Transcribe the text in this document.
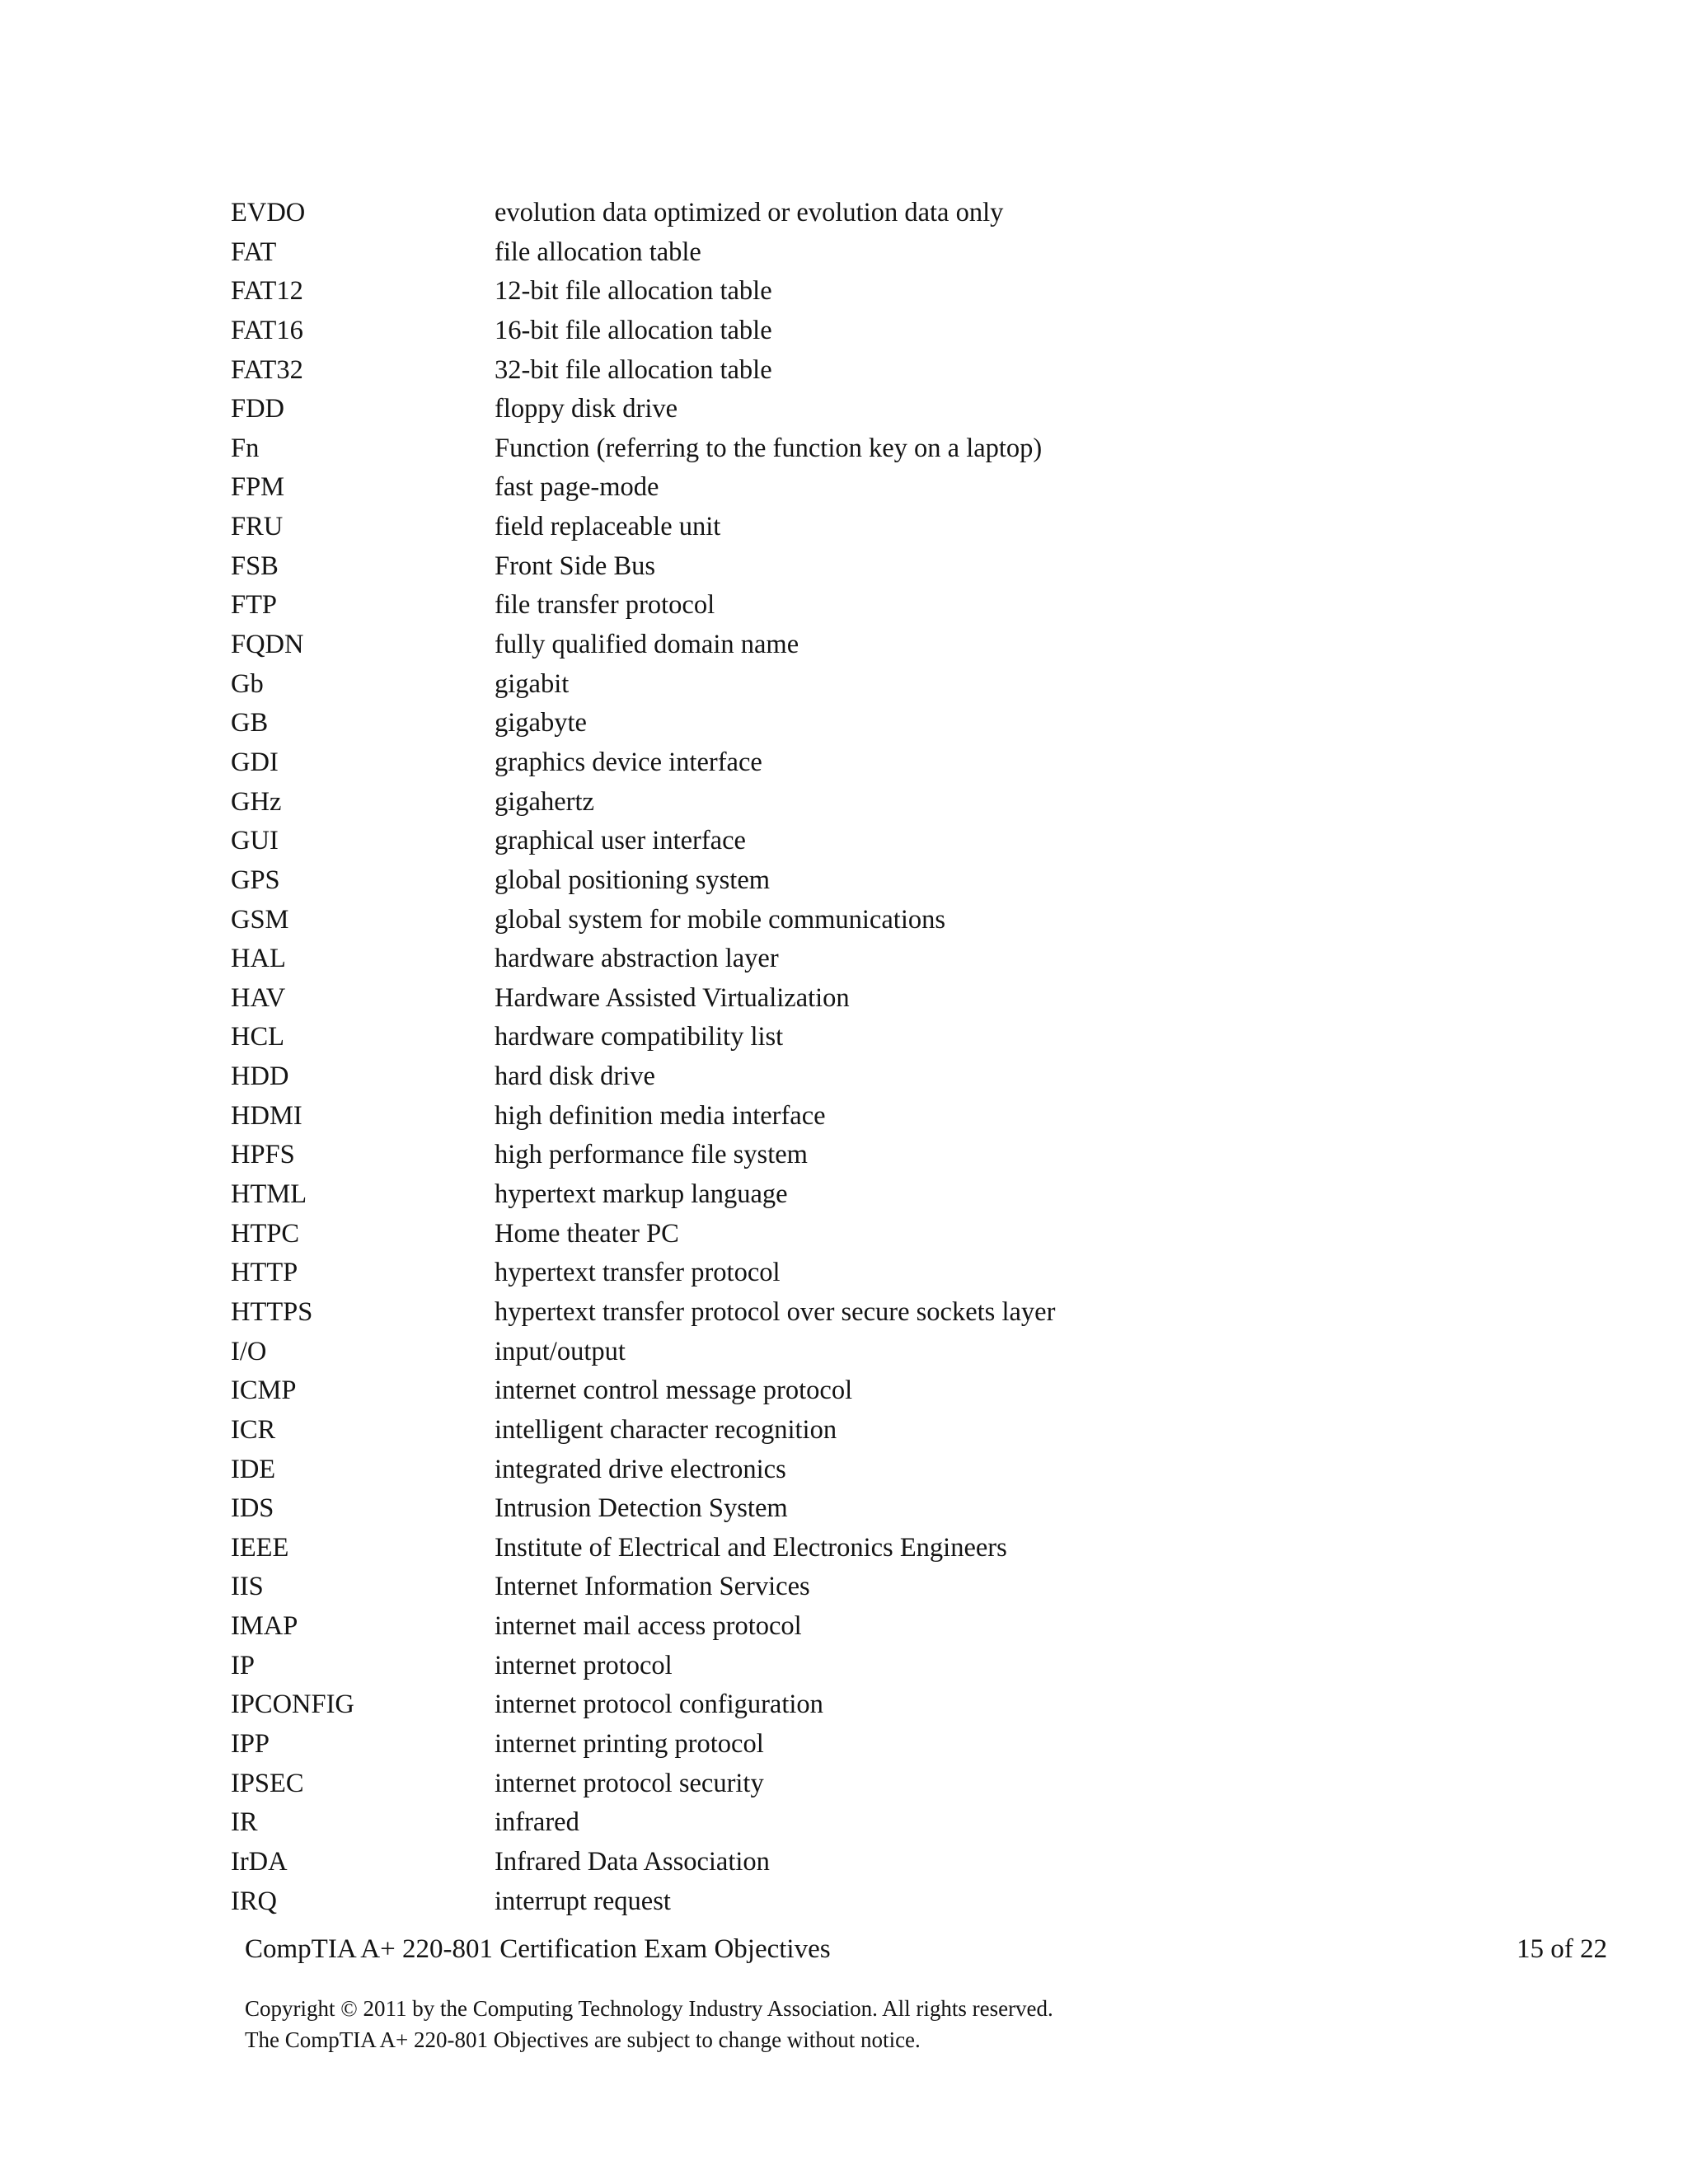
EVDO	evolution data optimized or evolution data only
FAT	file allocation table
FAT12	12-bit file allocation table
FAT16	16-bit file allocation table
FAT32	32-bit file allocation table
FDD	floppy disk drive
Fn	Function (referring to the function key on a laptop)
FPM	fast page-mode
FRU	field replaceable unit
FSB	Front Side Bus
FTP	file transfer protocol
FQDN	fully qualified domain name
Gb	gigabit
GB	gigabyte
GDI	graphics device interface
GHz	gigahertz
GUI	graphical user interface
GPS	global positioning system
GSM	global system for mobile communications
HAL	hardware abstraction layer
HAV	Hardware Assisted Virtualization
HCL	hardware compatibility list
HDD	hard disk drive
HDMI	high definition media interface
HPFS	high performance file system
HTML	hypertext markup language
HTPC	Home theater PC
HTTP	hypertext transfer protocol
HTTPS	hypertext transfer protocol over secure sockets layer
I/O	input/output
ICMP	internet control message protocol
ICR	intelligent character recognition
IDE	integrated drive electronics
IDS	Intrusion Detection System
IEEE	Institute of Electrical and Electronics Engineers
IIS	Internet Information Services
IMAP	internet mail access protocol
IP	internet protocol
IPCONFIG	internet protocol configuration
IPP	internet printing protocol
IPSEC	internet protocol security
IR	infrared
IrDA	Infrared Data Association
IRQ	interrupt request
CompTIA A+ 220-801 Certification Exam Objectives	15 of 22
Copyright © 2011 by the Computing Technology Industry Association. All rights reserved.
The CompTIA A+ 220-801 Objectives are subject to change without notice.
